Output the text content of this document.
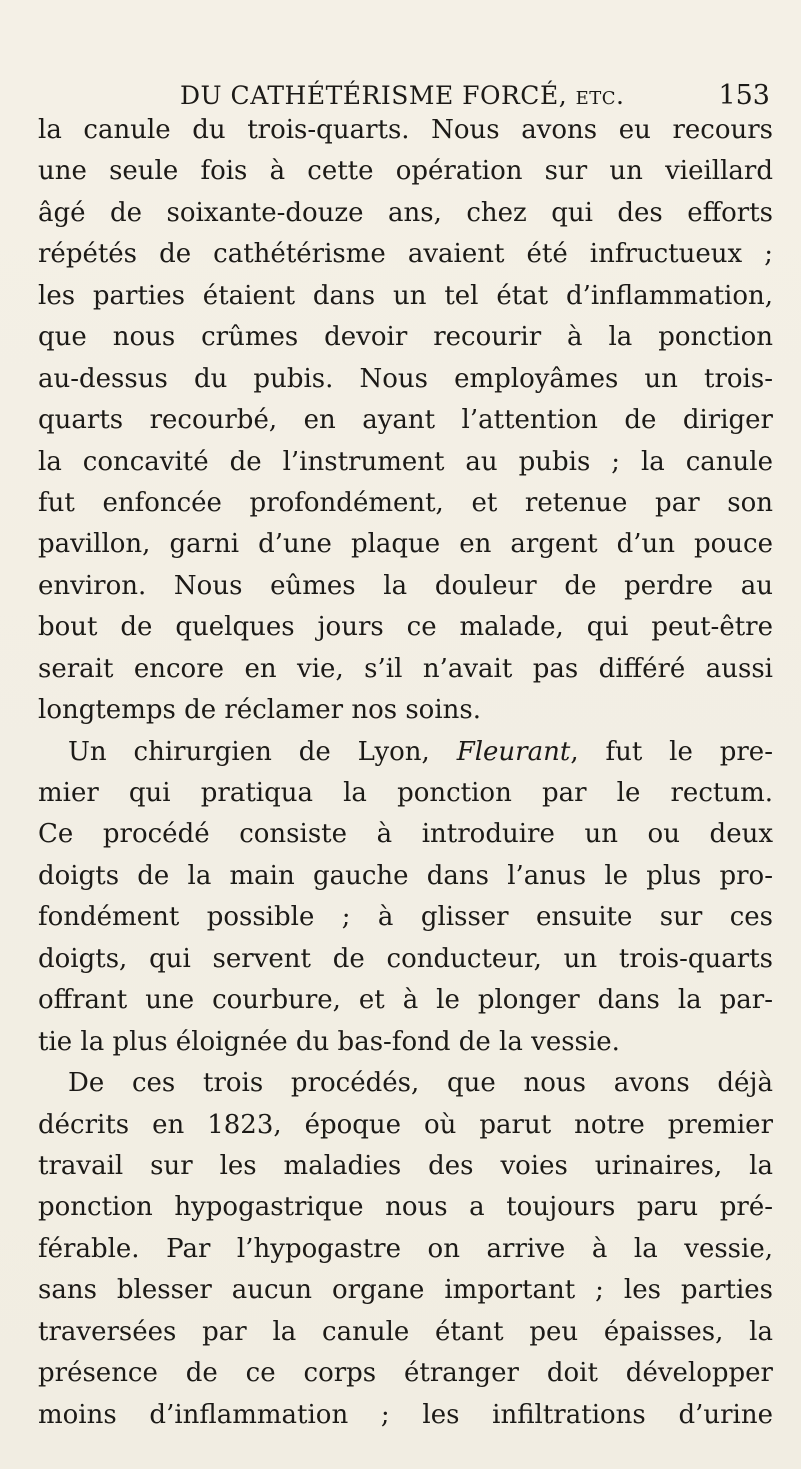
DU CATHÉTÉRISME FORCÉ, etc.	153
la canule du trois-quarts. Nous avons eu recours
une seule fois à cette opération sur un vieillard
âgé de soixante-douze ans, chez qui des efforts
répétés de cathétérisme avaient été infructueux ;
les parties étaient dans un tel état d’inflammation,
que nous crûmes devoir recourir à la ponction
au-dessus du pubis. Nous employâmes un trois-
quarts recourbé, en ayant l’attention de diriger
la concavité de l’instrument au pubis ; la canule
fut enfoncée profondément, et retenue par son
pavillon, garni d’une plaque en argent d’un pouce
environ. Nous eûmes la douleur de perdre au
bout de quelques jours ce malade, qui peut-être
serait encore en vie, s’il n’avait pas différé aussi
longtemps de réclamer nos soins.
Un chirurgien de Lyon, Fleurant, fut le pre-
mier qui pratiqua la ponction par le rectum.
Ce procédé consiste à introduire un ou deux
doigts de la main gauche dans l’anus le plus pro-
fondément possible ; à glisser ensuite sur ces
doigts, qui servent de conducteur, un trois-quarts
offrant une courbure, et à le plonger dans la par-
tie la plus éloignée du bas-fond de la vessie.
De ces trois procédés, que nous avons déjà
décrits en 1823, époque où parut notre premier
travail sur les maladies des voies urinaires, la
ponction hypogastrique nous a toujours paru pré-
férable. Par l’hypogastre on arrive à la vessie,
sans blesser aucun organe important ; les parties
traversées par la canule étant peu épaisses, la
présence de ce corps étranger doit développer
moins d’inflammation ; les infiltrations d’urine
